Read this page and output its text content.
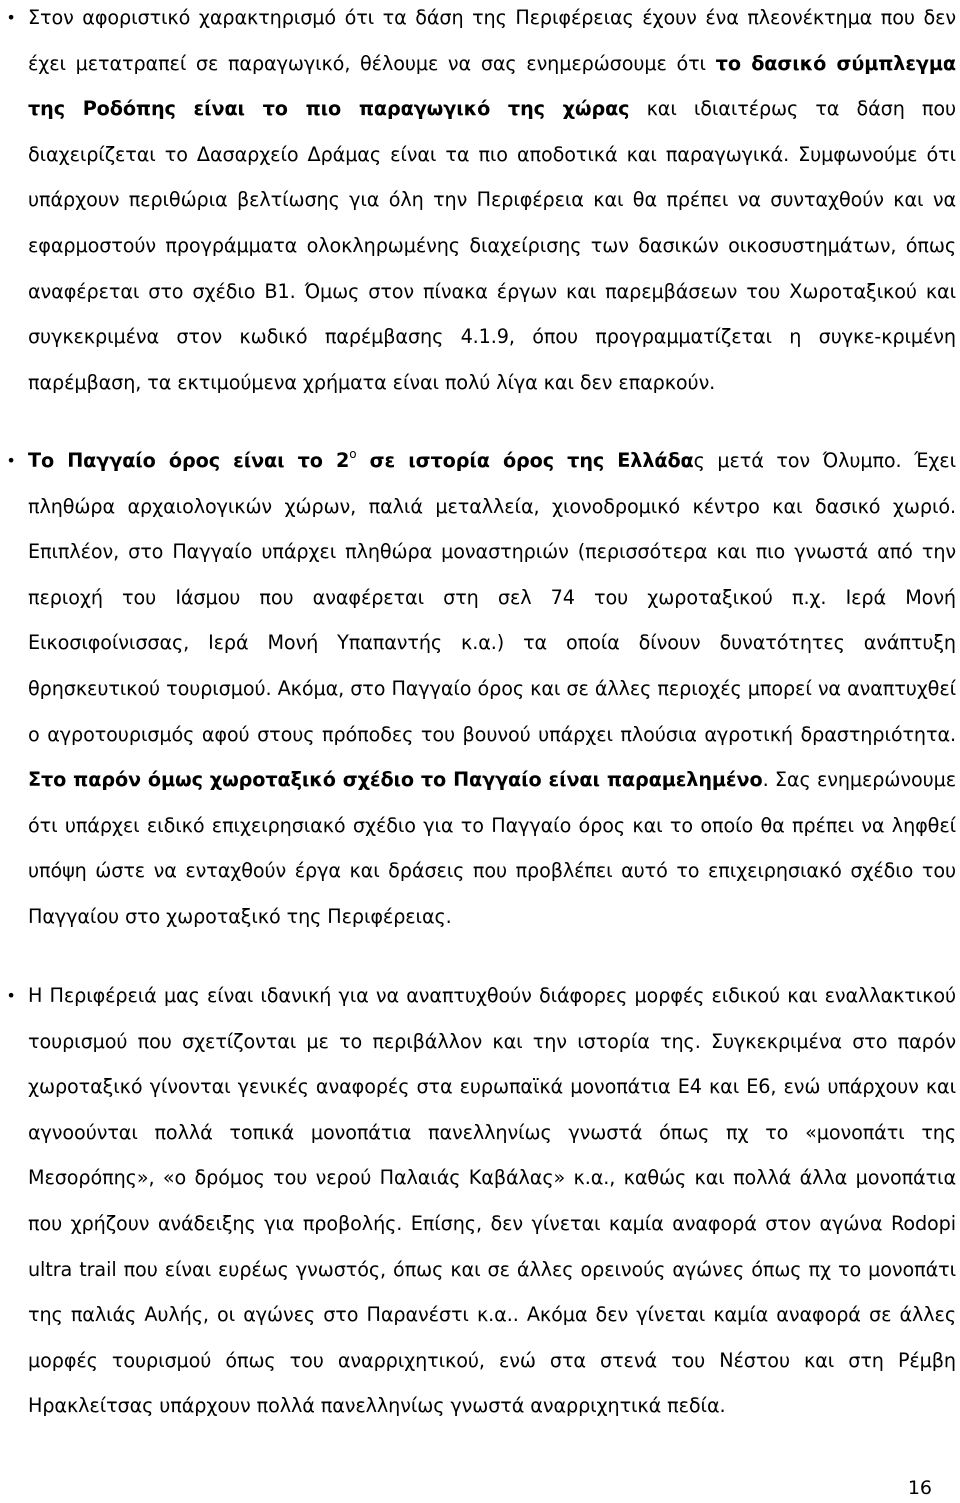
•
Στον αφοριστικό χαρακτηρισμό ότι τα δάση της Περιφέρειας έχουν ένα πλεονέκτημα που δεν έχει μετατραπεί σε παραγωγικό, θέλουμε να σας ενημερώσουμε ότι το δασικό σύμπλεγμα της Ροδόπης είναι το πιο παραγωγικό της χώρας και ιδιαιτέρως τα δάση που διαχειρίζεται το Δασαρχείο Δράμας είναι τα πιο αποδοτικά και παραγωγικά. Συμφωνούμε ότι υπάρχουν περιθώρια βελτίωσης για όλη την Περιφέρεια και θα πρέπει να συνταχθούν και να εφαρμοστούν προγράμματα ολοκληρωμένης διαχείρισης των δασικών οικοσυστημάτων, όπως αναφέρεται στο σχέδιο Β1. Όμως στον πίνακα έργων και παρεμβάσεων του Χωροταξικού και συγκεκριμένα στον κωδικό παρέμβασης 4.1.9, όπου προγραμματίζεται η συγκε-κριμένη παρέμβαση, τα εκτιμούμενα χρήματα είναι πολύ λίγα και δεν επαρκούν.
•
Το Παγγαίο όρος είναι το $2^o$ σε ιστορία όρος της Ελλάδας μετά τον Όλυμπο. Έχει πληθώρα αρχαιολογικών χώρων, παλιά μεταλλεία, χιονοδρομικό κέντρο και δασικό χωριό. Επιπλέον, στο Παγγαίο υπάρχει πληθώρα μοναστηριών (περισσότερα και πιο γνωστά από την περιοχή του Ιάσμου που αναφέρεται στη σελ 74 του χωροταξικού π.χ. Ιερά Μονή Εικοσιφοίνισσας, Ιερά Μονή Υπαπαντής κ.α.) τα οποία δίνουν δυνατότητες ανάπτυξη θρησκευτικού τουρισμού. Ακόμα, στο Παγγαίο όρος και σε άλλες περιοχές μπορεί να αναπτυχθεί ο αγροτουρισμός αφού στους πρόποδες του βουνού υπάρχει πλούσια αγροτική δραστηριότητα. Στο παρόν όμως χωροταξικό σχέδιο το Παγγαίο είναι παραμελημένο. Σας ενημερώνουμε ότι υπάρχει ειδικό επιχειρησιακό σχέδιο για το Παγγαίο όρος και το οποίο θα πρέπει να ληφθεί υπόψη ώστε να ενταχθούν έργα και δράσεις που προβλέπει αυτό το επιχειρησιακό σχέδιο του Παγγαίου στο χωροταξικό της Περιφέρειας.
•
Η Περιφέρειά μας είναι ιδανική για να αναπτυχθούν διάφορες μορφές ειδικού και εναλλακτικού τουρισμού που σχετίζονται με το περιβάλλον και την ιστορία της. Συγκεκριμένα στο παρόν χωροταξικό γίνονται γενικές αναφορές στα ευρωπαϊκά μονοπάτια Ε4 και Ε6, ενώ υπάρχουν και αγνοούνται πολλά τοπικά μονοπάτια πανελληνίως γνωστά όπως πχ το «μονοπάτι της Μεσορόπης», «ο δρόμος του νερού Παλαιάς Καβάλας» κ.α., καθώς και πολλά άλλα μονοπάτια που χρήζουν ανάδειξης για προβολής. Επίσης, δεν γίνεται καμία αναφορά στον αγώνα Rodopi ultra trail που είναι ευρέως γνωστός, όπως και σε άλλες ορεινούς αγώνες όπως πχ το μονοπάτι της παλιάς Αυλής, οι αγώνες στο Παρανέστι κ.α.. Ακόμα δεν γίνεται καμία αναφορά σε άλλες μορφές τουρισμού όπως του αναρριχητικού, ενώ στα στενά του Νέστου και στη Ρέμβη Ηρακλείτσας υπάρχουν πολλά πανελληνίως γνωστά αναρριχητικά πεδία.
16
